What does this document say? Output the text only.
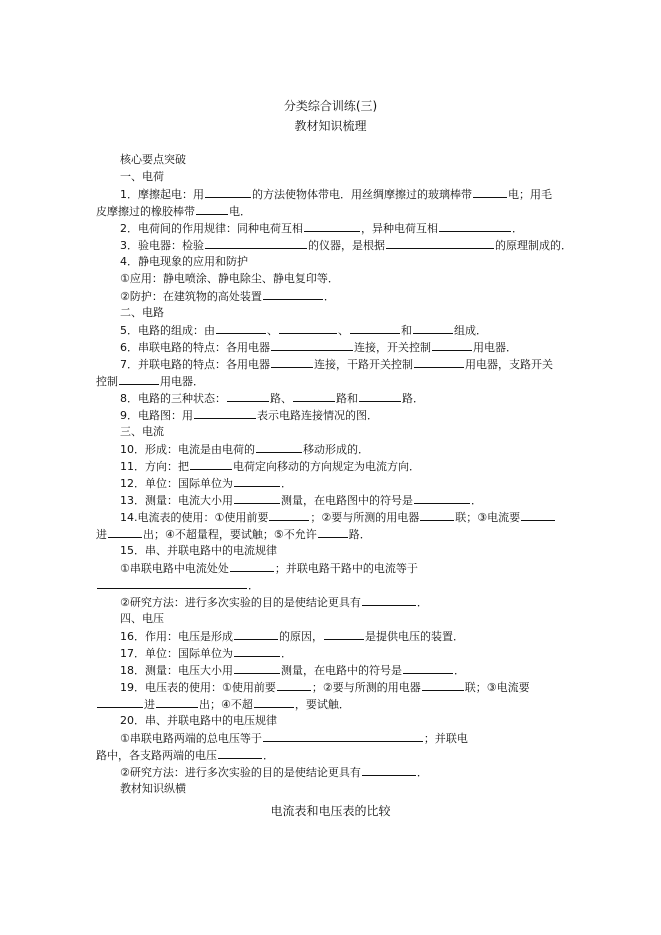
分类综合训练(三)
教材知识梳理
核心要点突破
一、电荷
1．摩擦起电：用	的方法使物体带电．用丝绸摩擦过的玻璃棒带	电；用毛
皮摩擦过的橡胶棒带	电．
2．电荷间的作用规律：同种电荷互相	，异种电荷互相	．
3．验电器：检验	的仪器，是根据	的原理制成的．
4．静电现象的应用和防护
①应用：静电喷涂、静电除尘、静电复印等．
②防护：在建筑物的高处装置	．
二、电路
5．电路的组成：由	、	、	和	组成．
6．串联电路的特点：各用电器	连接，开关控制	用电器．
7．并联电路的特点：各用电器	连接，干路开关控制	用电器，支路开关
控制	用电器．
8．电路的三种状态：	路、	路和	路．
9．电路图：用	表示电路连接情况的图．
三、电流
10．形成：电流是由电荷的	移动形成的．
11．方向：把	电荷定向移动的方向规定为电流方向．
12．单位：国际单位为	．
13．测量：电流大小用	测量，在电路图中的符号是	．
14.电流表的使用：①使用前要	；②要与所测的用电器	联；③电流要
进	出；④不超量程，要试触；⑤不允许	路．
15．串、并联电路中的电流规律
①串联电路中电流处处	；并联电路干路中的电流等于
．
②研究方法：进行多次实验的目的是使结论更具有	．
四、电压
16．作用：电压是形成	的原因，	是提供电压的装置．
17．单位：国际单位为	．
18．测量：电压大小用	测量，在电路中的符号是	．
19．电压表的使用：①使用前要	；②要与所测的用电器	联；③电流要
进	出；④不超	，要试触．
20．串、并联电路中的电压规律
①串联电路两端的总电压等于	；并联电
路中，各支路两端的电压	．
②研究方法：进行多次实验的目的是使结论更具有	．
教材知识纵横
电流表和电压表的比较
